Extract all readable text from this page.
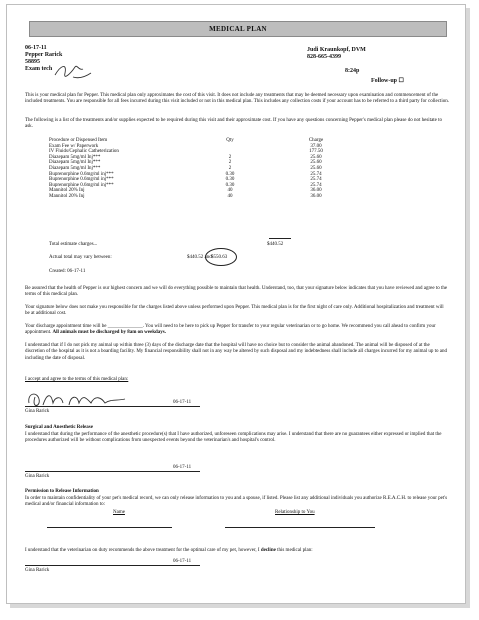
MEDICAL PLAN
06-17-11
Pepper Rarick
58895
Exam tech
Judi Kraunkopf, DVM
828-665-4399
8:24p
Follow-up ☐

This is your medical plan for Pepper. This medical plan only approximates the cost of this visit. It does not include any treatments that may be deemed necessary upon examination and commencement of the included treatments. You are responsible for all fees incurred during this visit included or not in this medical plan. This includes any collection costs if your account has to be referred to a third party for collection.

The following is a list of the treatments and/or supplies expected to be required during this visit and their approximate cost. If you have any questions concerning Pepper's medical plan please do not hesitate to ask.

Procedure or Dispensed Item	Qty	Charge
Exam Fee w/ Paperwork		37.00
IV Fluids/Cephalic Catheterization		177.50
Diazepam 5mg/ml Inj***	2	25.60
Diazepam 5mg/ml Inj***	2	25.60
Diazepam 5mg/ml Inj***	2	25.60
Buprenorphine 0.6mg/ml inj***	0.30	25.74
Buprenorphine 0.6mg/ml inj***	0.30	25.74
Buprenorphine 0.6mg/ml inj***	0.30	25.74
Mannitol 20% Inj	40	36.00
Mannitol 20% Inj	40	36.00
Total estimate charges...	$440.52
Actual total may vary between:	$440.52 and $550.63
Created: 06-17-11

Be assured that the health of Pepper is our highest concern and we will do everything possible to maintain that health. Understand, too, that your signature below indicates that you have reviewed and agree to the terms of this medical plan.

Your signature below does not make you responsible for the charges listed above unless performed upon Pepper. This medical plan is for the first night of care only. Additional hospitalization and treatment will be at additional cost.

Your discharge appointment time will be ______________. You will need to be here to pick up Pepper for transfer to your regular veterinarian or to go home. We recommend you call ahead to confirm your appointment. All animals must be discharged by 8am on weekdays.

I understand that if I do not pick my animal up within three (3) days of the discharge date that the hospital will have no choice but to consider the animal abandoned. The animal will be disposed of at the discretion of the hospital as it is not a boarding facility. My financial responsibility shall not in any way be altered by such disposal and my indebtedness shall include all charges incurred for my animal up to and including the date of disposal.

I accept and agree to the terms of this medical plan:
06-17-11
Gina Rarick
Surgical and Anesthetic Release

I understand that during the performance of the anesthetic procedure(s) that I have authorized, unforeseen complications may arise. I understand that there are no guarantees either expressed or implied that the procedures authorized will be without complications from unexpected events beyond the veterinarian's and hospital's control.

06-17-11
Gina Rarick
Permission to Release Information

In order to maintain confidentiality of your pet's medical record, we can only release information to you and a spouse, if listed. Please list any additional individuals you authorize R.E.A.C.H. to release your pet's medical and/or financial information to:

Name	Relationship to You

I understand that the veterinarian on duty recommends the above treatment for the optimal care of my pet, however, I decline this medical plan:

06-17-11
Gina Rarick
